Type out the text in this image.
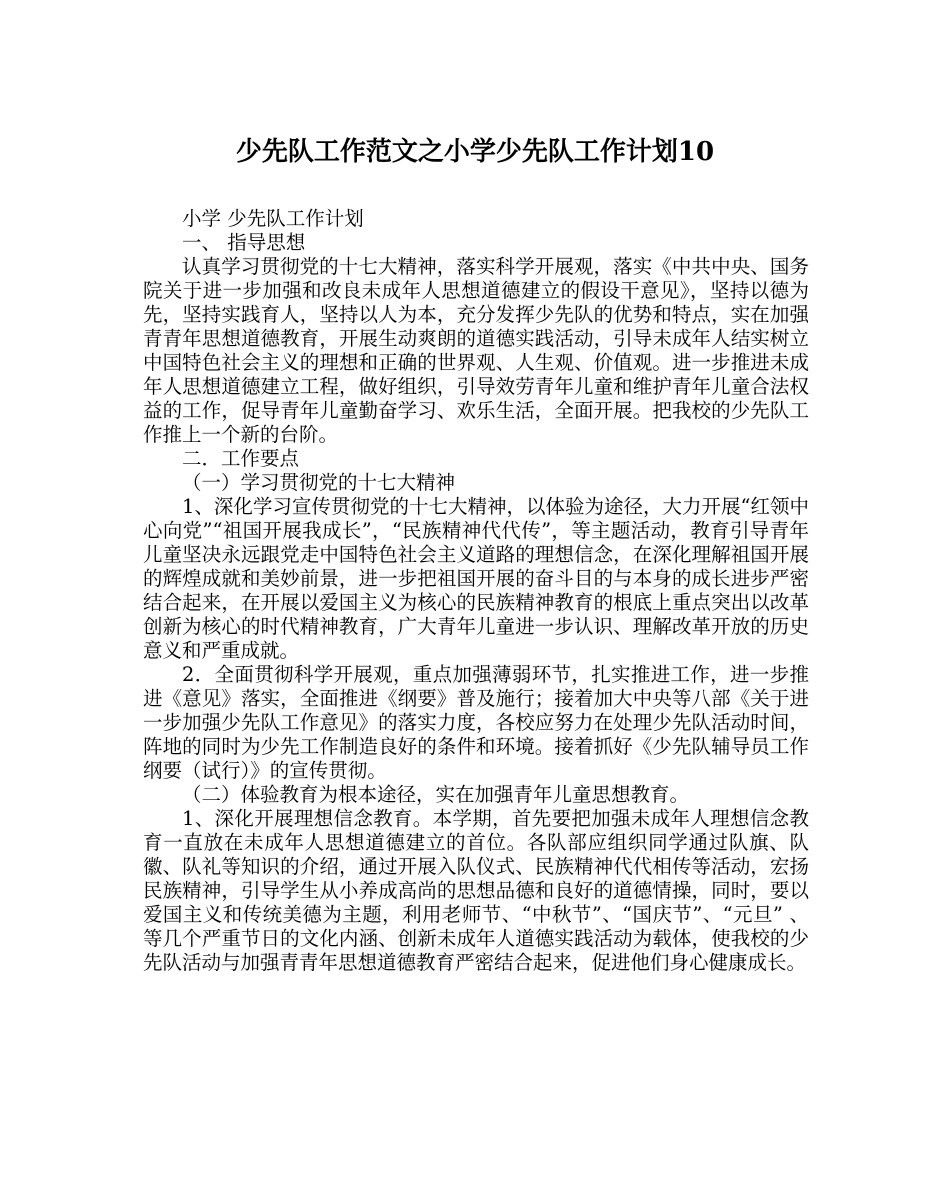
少先队工作范文之小学少先队工作计划10

小学 少先队工作计划

一、 指导思想

认真学习贯彻党的十七大精神，落实科学开展观，落实《中共中央、国务院关于进一步加强和改良未成年人思想道德建立的假设干意见》，坚持以德为先，坚持实践育人，坚持以人为本，充分发挥少先队的优势和特点，实在加强青青年思想道德教育，开展生动爽朗的道德实践活动，引导未成年人结实树立中国特色社会主义的理想和正确的世界观、人生观、价值观。进一步推进未成年人思想道德建立工程，做好组织，引导效劳青年儿童和维护青年儿童合法权益的工作，促导青年儿童勤奋学习、欢乐生活，全面开展。把我校的少先队工作推上一个新的台阶。

二．工作要点

（一）学习贯彻党的十七大精神

1、深化学习宣传贯彻党的十七大精神，以体验为途径，大力开展“红领中心向党”“祖国开展我成长”，“民族精神代代传”，等主题活动，教育引导青年儿童坚决永远跟党走中国特色社会主义道路的理想信念，在深化理解祖国开展的辉煌成就和美妙前景，进一步把祖国开展的奋斗目的与本身的成长进步严密结合起来，在开展以爱国主义为核心的民族精神教育的根底上重点突出以改革创新为核心的时代精神教育，广大青年儿童进一步认识、理解改革开放的历史意义和严重成就。

2．全面贯彻科学开展观，重点加强薄弱环节，扎实推进工作，进一步推进《意见》落实，全面推进《纲要》普及施行；接着加大中央等八部《关于进一步加强少先队工作意见》的落实力度，各校应努力在处理少先队活动时间，阵地的同时为少先工作制造良好的条件和环境。接着抓好《少先队辅导员工作纲要（试行）》的宣传贯彻。

（二）体验教育为根本途径，实在加强青年儿童思想教育。

1、深化开展理想信念教育。本学期，首先要把加强未成年人理想信念教育一直放在未成年人思想道德建立的首位。各队部应组织同学通过队旗、队徽、队礼等知识的介绍，通过开展入队仪式、民族精神代代相传等活动，宏扬民族精神，引导学生从小养成高尚的思想品德和良好的道德情操，同时，要以爱国主义和传统美德为主题，利用老师节、“中秋节”、“国庆节”、“元旦” 、等几个严重节日的文化内涵、创新未成年人道德实践活动为载体，使我校的少先队活动与加强青青年思想道德教育严密结合起来，促进他们身心健康成长。
